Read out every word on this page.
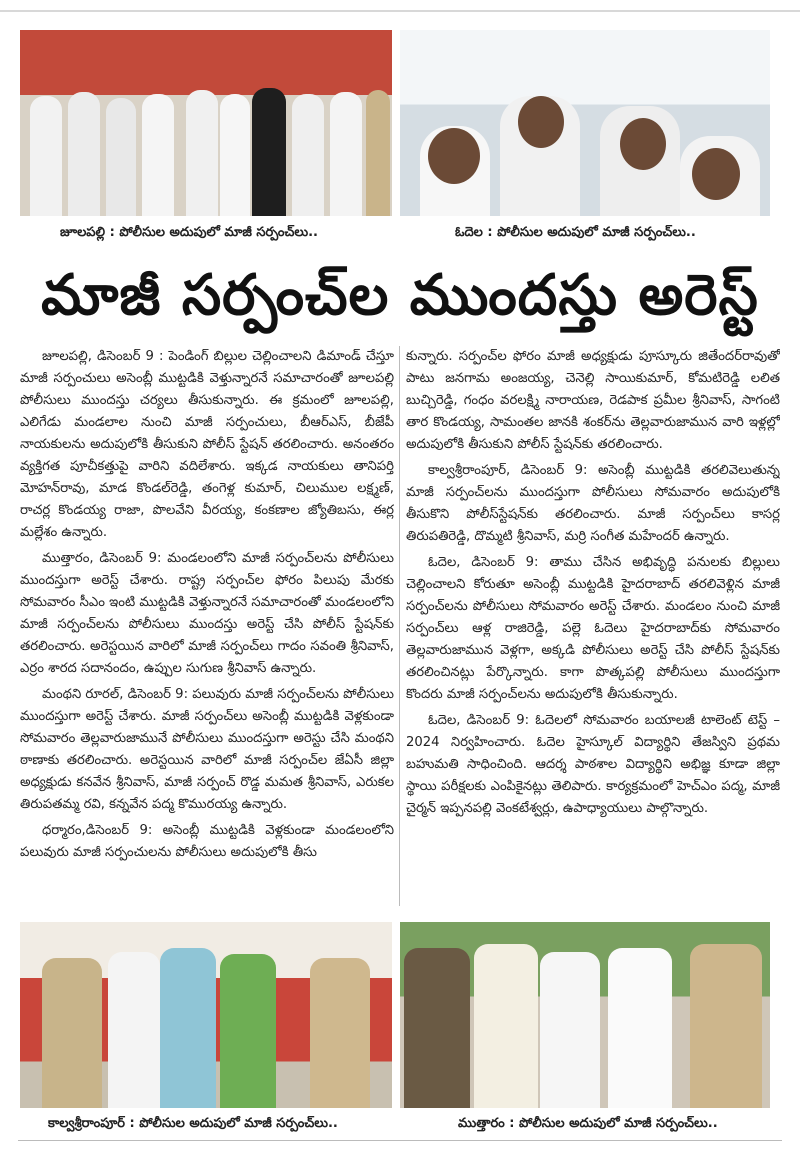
జూలపల్లి : పోలీసుల అదుపులో మాజీ సర్పంచ్‌లు..	ఓదెల : పోలీసుల అదుపులో మాజీ సర్పంచ్‌లు..
మాజీ సర్పంచ్‌ల ముందస్తు అరెస్ట్

జూలపల్లి, డిసెంబర్ 9 : పెండింగ్ బిల్లుల చెల్లించాలని డిమాండ్ చేస్తూ మాజీ సర్పంచులు అసెంబ్లీ ముట్టడికి వెళ్తున్నారనే సమాచారంతో జూలపల్లి పోలీసులు ముందస్తు చర్యలు తీసుకున్నారు. ఈ క్రమంలో జూలపల్లి, ఎలిగేడు మండలాల నుంచి మాజీ సర్పంచులు, బీఆర్ఎస్, బీజేపీ నాయకులను అదుపులోకి తీసుకుని పోలీస్ స్టేషన్ తరలించారు. అనంతరం వ్యక్తిగత పూచీకత్తుపై వారిని వదిలేశారు. ఇక్కడ నాయకులు తానిపర్తి మోహన్‌రావు, మాడ కొండల్‌రెడ్డి, తంగెళ్ల కుమార్, చిలుముల లక్ష్మణ్, రాచర్ల కొండయ్య రాజా, పొలవేని వీరయ్య, కంకణాల జ్యోతిబసు, ఈర్ల మల్లేశం ఉన్నారు.

ముత్తారం, డిసెంబర్ 9: మండలంలోని మాజీ సర్పంచ్‌లను పోలీసులు ముందస్తుగా అరెస్ట్ చేశారు. రాష్ట్ర సర్పంచ్‌ల ఫోరం పిలుపు మేరకు సోమవారం సీఎం ఇంటి ముట్టడికి వెళ్తున్నారనే సమాచారంతో మండలంలోని మాజీ సర్పంచ్‌లను పోలీసులు ముందస్తు అరెస్ట్ చేసి పోలీస్ స్టేషన్‌కు తరలించారు. అరెస్టయిన వారిలో మాజీ సర్పంచ్‌లు గాదం సవంతి శ్రీనివాస్, ఎర్రం శారద సదానందం, ఉప్పుల సుగుణ శ్రీనివాస్ ఉన్నారు.

మంథని రూరల్, డిసెంబర్ 9: పలువురు మాజీ సర్పంచ్‌లను పోలీసులు ముందస్తుగా అరెస్ట్ చేశారు. మాజీ సర్పంచ్‌లు అసెంబ్లీ ముట్టడికి వెళ్లకుండా సోమవారం తెల్లవారుజామునే పోలీసులు ముందస్తుగా అరెస్టు చేసి మంథని ఠాణాకు తరలించారు. అరెస్టయిన వారిలో మాజీ సర్పంచ్‌ల జేఏసీ జిల్లా అధ్యక్షుడు కనవేన శ్రీనివాస్, మాజీ సర్పంచ్ రొడ్డ మమత శ్రీనివాస్, ఎరుకల తిరుపతమ్మ రవి, కన్నవేన పద్మ కొమురయ్య ఉన్నారు.

ధర్మారం,డిసెంబర్ 9: అసెంబ్లీ ముట్టడికి వెళ్లకుండా మండలంలోని పలువురు మాజీ సర్పంచులను పోలీసులు అదుపులోకి తీసు

కున్నారు. సర్పంచ్‌ల ఫోరం మాజీ అధ్యక్షుడు పూస్కూరు జితేందర్‌రావుతో పాటు జనగామ అంజయ్య, చెనెల్లి సాయికుమార్, కోమటిరెడ్డి లలిత బుచ్చిరెడ్డి, గంధం వరలక్ష్మి నారాయణ, రెడపాక ప్రమీల శ్రీనివాస్, సాగంటి తార కొండయ్య, సామంతల జానకి శంకర్‌ను తెల్లవారుజామున వారి ఇళ్లల్లో అదుపులోకి తీసుకుని పోలీస్ స్టేషన్‌కు తరలించారు.

కాల్వశ్రీరాంపూర్, డిసెంబర్ 9: అసెంబ్లీ ముట్టడికి తరలివెలుతున్న మాజీ సర్పంచ్‌లను ముందస్తుగా పోలీసులు సోమవారం అదుపులోకి తీసుకొని పోలీస్‌స్టేషన్‌కు తరలించారు. మాజీ సర్పంచ్‌లు కాసర్ల తిరుపతిరెడ్డి, దొమ్మటి శ్రీనివాస్, మర్రి సంగీత మహేందర్ ఉన్నారు.

ఓదెల, డిసెంబర్ 9: తాము చేసిన అభివృద్ధి పనులకు బిల్లులు చెల్లించాలని కోరుతూ అసెంబ్లీ ముట్టడికి హైదరాబాద్ తరలివెళ్లిన మాజీ సర్పంచ్‌లను పోలీసులు సోమవారం అరెస్ట్ చేశారు. మండలం నుంచి మాజీ సర్పంచ్‌లు ఆళ్ల రాజిరెడ్డి, పల్లె ఓదెలు హైదరాబాద్‌కు సోమవారం తెల్లవారుజామున వెళ్లగా, అక్కడి పోలీసులు అరెస్ట్ చేసి పోలీస్ స్టేషన్‌కు తరలించినట్లు పేర్కొన్నారు. కాగా పొత్కపల్లి పోలీసులు ముందస్తుగా కొందరు మాజీ సర్పంచ్‌లను అదుపులోకి తీసుకున్నారు.

ఓదెల, డిసెంబర్ 9: ఓదెలలో సోమవారం బయాలజీ టాలెంట్ టెస్ట్ –2024 నిర్వహించారు. ఓదెల హైస్కూల్ విద్యార్థిని తేజస్విని ప్రథమ బహుమతి సాధించింది. ఆదర్శ పాఠశాల విద్యార్థిని అభిజ్ఞ కూడా జిల్లా స్థాయి పరీక్షలకు ఎంపికైనట్లు తెలిపారు. కార్యక్రమంలో హెచ్ఎం పద్మ, మాజీ చైర్మన్ ఇప్పనపల్లి వెంకటేశ్వర్లు, ఉపాధ్యాయులు పాల్గొన్నారు.

కాల్వశ్రీరాంపూర్ : పోలీసుల అదుపులో మాజీ సర్పంచ్‌లు..	ముత్తారం : పోలీసుల అదుపులో మాజీ సర్పంచ్‌లు..
